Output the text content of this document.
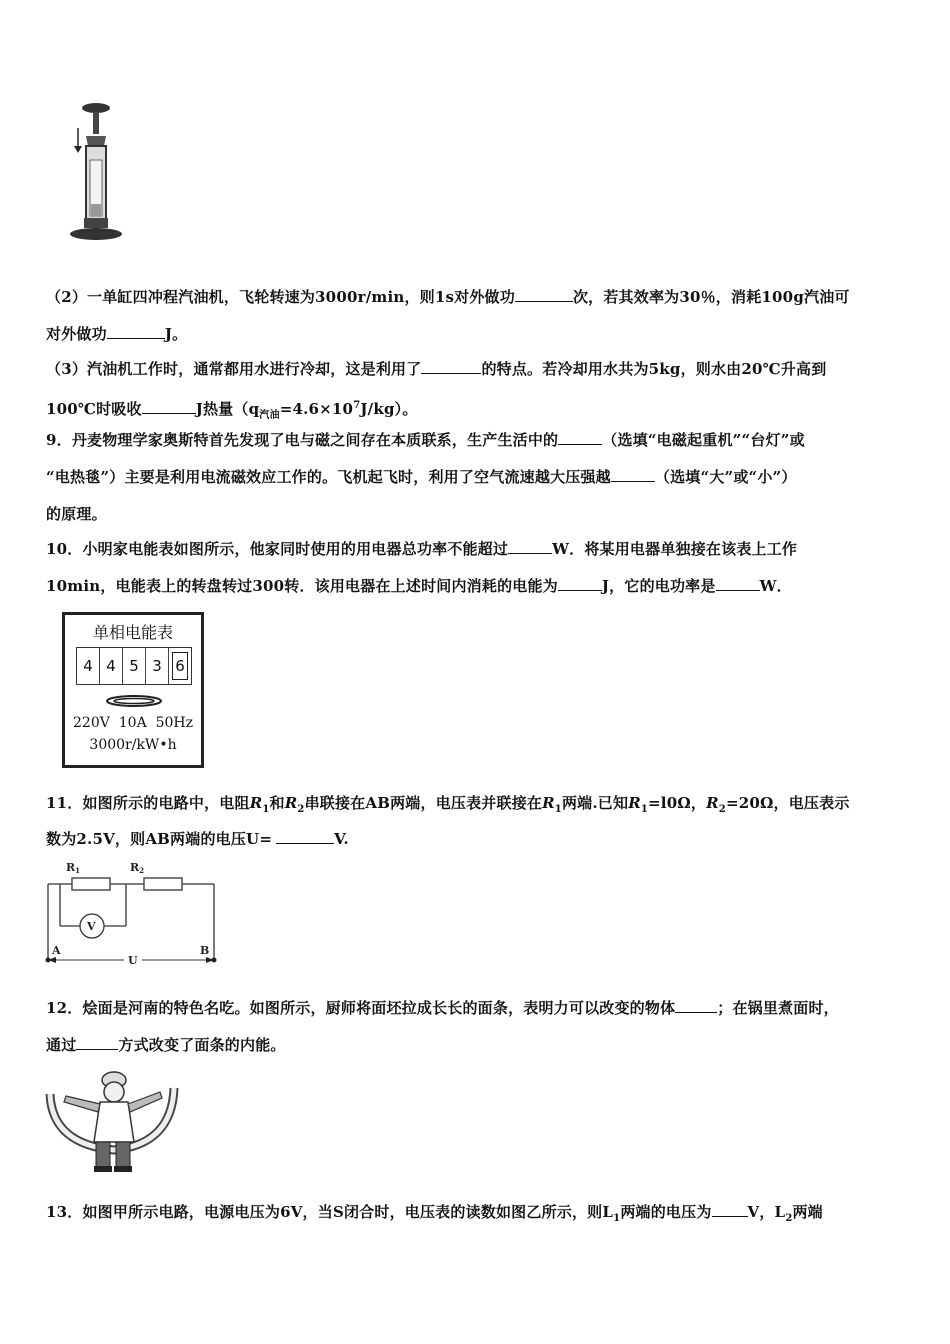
（2）一单缸四冲程汽油机，飞轮转速为3000r/min，则1s对外做功	次，若其效率为30％，消耗100g汽油可
对外做功	J。
（3）汽油机工作时，通常都用水进行冷却，这是利用了	的特点。若冷却用水共为5kg，则水由20℃升高到
100℃时吸收	J热量$(q_{汽油}=4.6\times 10^7J/kg)$。
9．丹麦物理学家奥斯特首先发现了电与磁之间存在本质联系，生产生活中的	（选填“电磁起重机”“台灯”或
“电热毯”）主要是利用电流磁效应工作的。飞机起飞时，利用了空气流速越大压强越	（选填“大”或“小”）
的原理。
10．小明家电能表如图所示，他家同时使用的用电器总功率不能超过	W．将某用电器单独接在该表上工作
10min，电能表上的转盘转过300转．该用电器在上述时间内消耗的电能为	J，它的电功率是	W．
单相电能表
4 4 5 3 6
220V  10A  50Hz
3000r/kW•h
11．如图所示的电路中，电阻$R_1$和$R_2$串联接在AB两端，电压表并联接在$R_1$两端.已知$R_1=l0\Omega$，$R_2=20\Omega$，电压表示
数为2.5V，则AB两端的电压U=	V.
R1	R2
V
A	B
U
12．烩面是河南的特色名吃。如图所示，厨师将面坯拉成长长的面条，表明力可以改变的物体	；在锅里煮面时，
通过	方式改变了面条的内能。
13．如图甲所示电路，电源电压为6V，当S闭合时，电压表的读数如图乙所示，则$L_1$两端的电压为 V，$L_2$两端
